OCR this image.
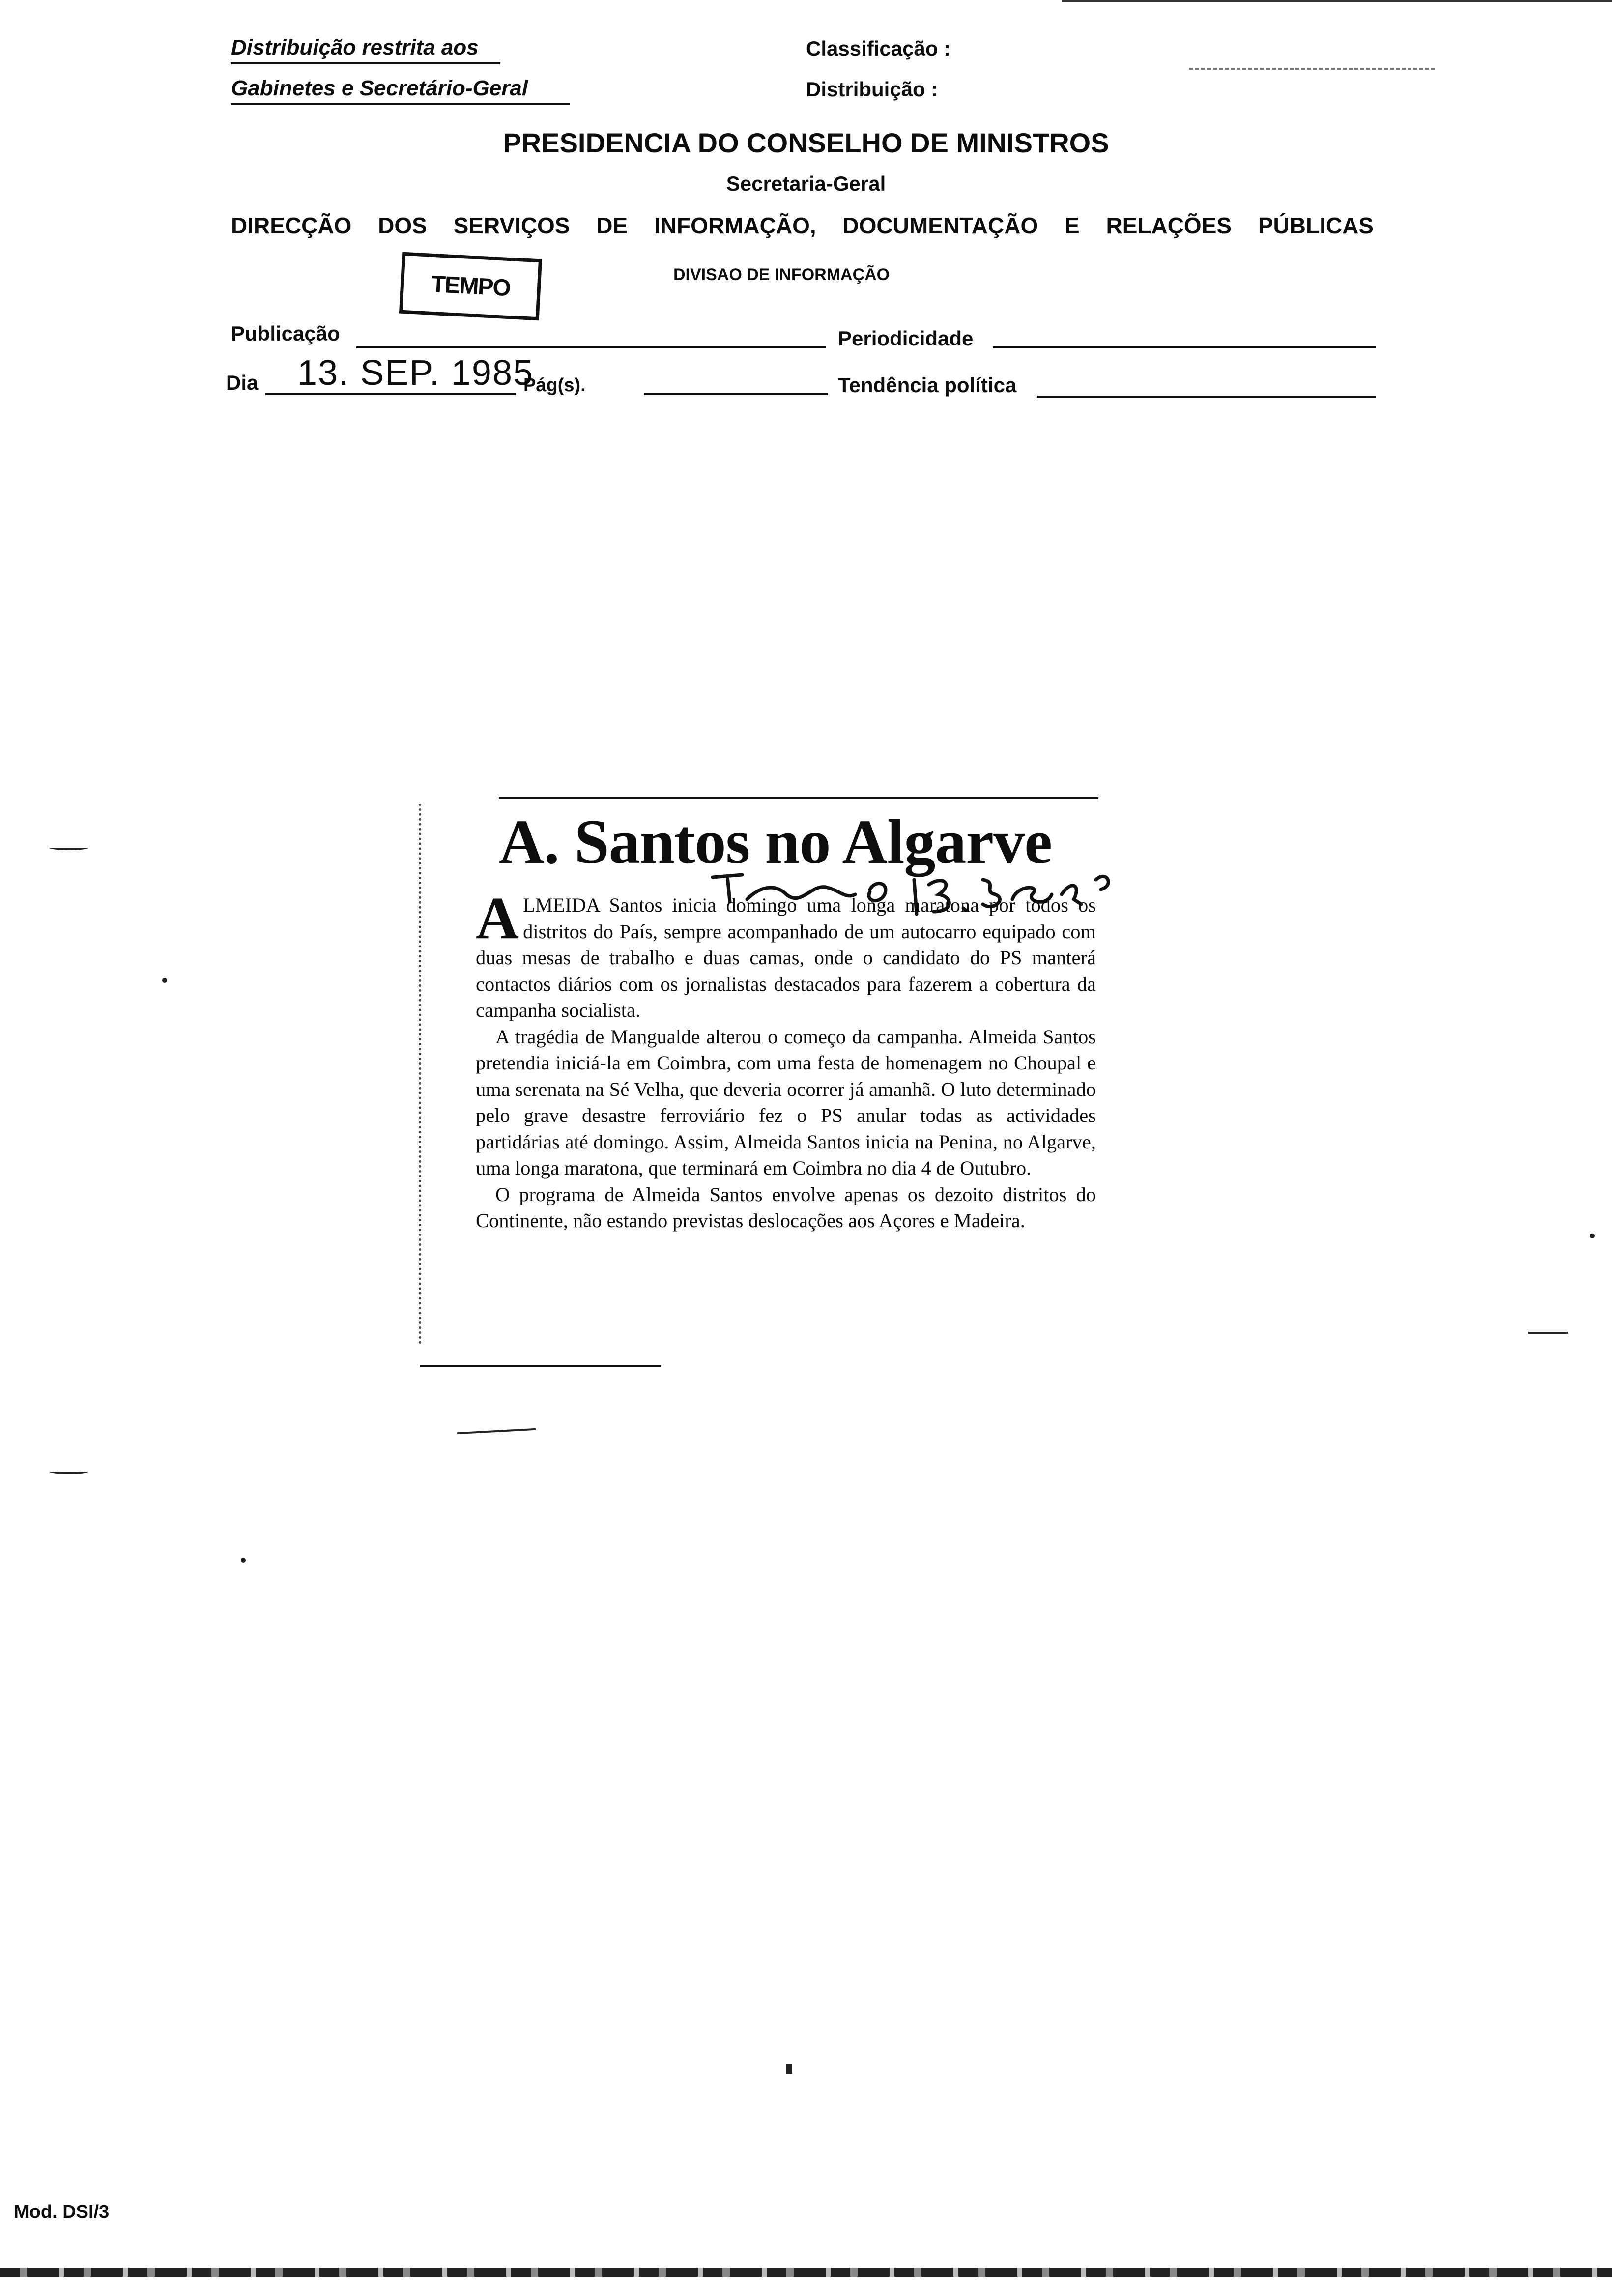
Distribuição restrita aos
Gabinetes e Secretário-Geral
Classificação :
Distribuição :
PRESIDENCIA DO CONSELHO DE MINISTROS
Secretaria-Geral
DIRECÇÃO DOS SERVIÇOS DE INFORMAÇÃO, DOCUMENTAÇÃO E RELAÇÕES PÚBLICAS
DIVISAO DE INFORMAÇÃO
TEMPO
Publicação	Periodicidade
Dia 13. SEP. 1985
Pág(s).	Tendência política
A. Santos no Algarve

ALMEIDA Santos inicia domingo uma longa maratona por todos os distritos do País, sempre acompanhado de um autocarro equipado com duas mesas de trabalho e duas camas, onde o candidato do PS manterá contactos diários com os jornalistas destacados para fazerem a cobertura da campanha socialista.

A tragédia de Mangualde alterou o começo da campanha. Almeida Santos pretendia iniciá-la em Coimbra, com uma festa de homenagem no Choupal e uma serenata na Sé Velha, que deveria ocorrer já amanhã. O luto determinado pelo grave desastre ferroviário fez o PS anular todas as actividades partidárias até domingo. Assim, Almeida Santos inicia na Penina, no Algarve, uma longa maratona, que terminará em Coimbra no dia 4 de Outubro.

O programa de Almeida Santos envolve apenas os dezoito distritos do Continente, não estando previstas deslocações aos Açores e Madeira.

Mod. DSI/3
